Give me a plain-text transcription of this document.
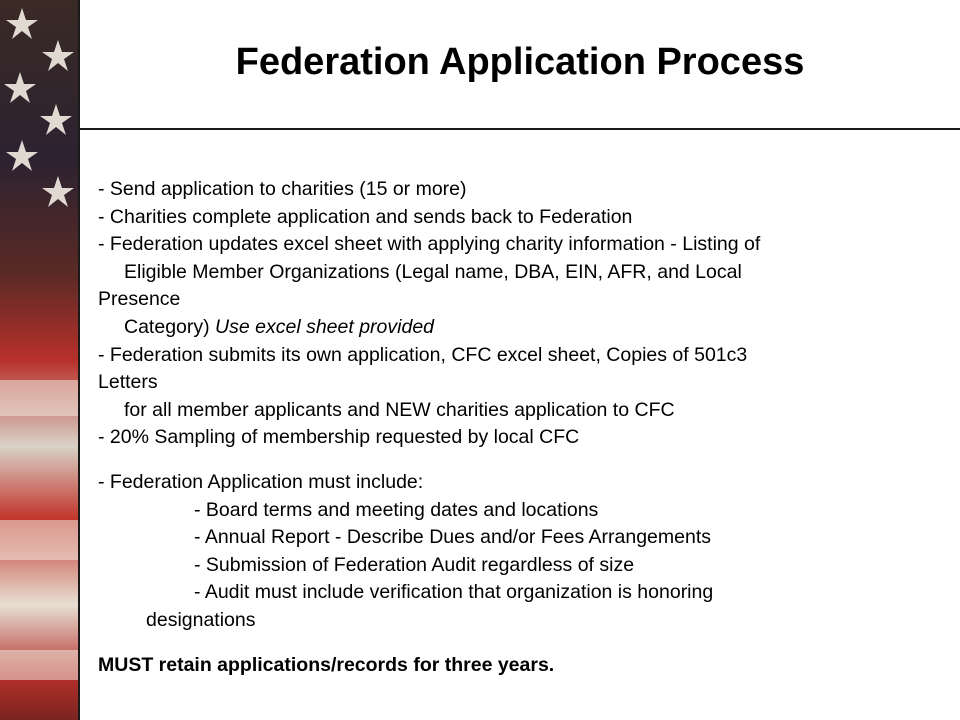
Federation Application Process

- Send application to charities (15 or more)

- Charities complete application and sends back to Federation

- Federation updates excel sheet with applying charity information - Listing of

Eligible Member Organizations (Legal name, DBA, EIN, AFR, and Local

Presence

Category) Use excel sheet provided

- Federation submits its own application, CFC excel sheet, Copies of 501c3

Letters

for all member applicants and NEW charities application to CFC

- 20% Sampling of membership requested by local CFC

- Federation Application must include:

- Board terms and meeting dates and locations

- Annual Report - Describe Dues and/or Fees Arrangements

- Submission of Federation Audit regardless of size

- Audit must include verification that organization is honoring

designations

MUST retain applications/records for three years.
